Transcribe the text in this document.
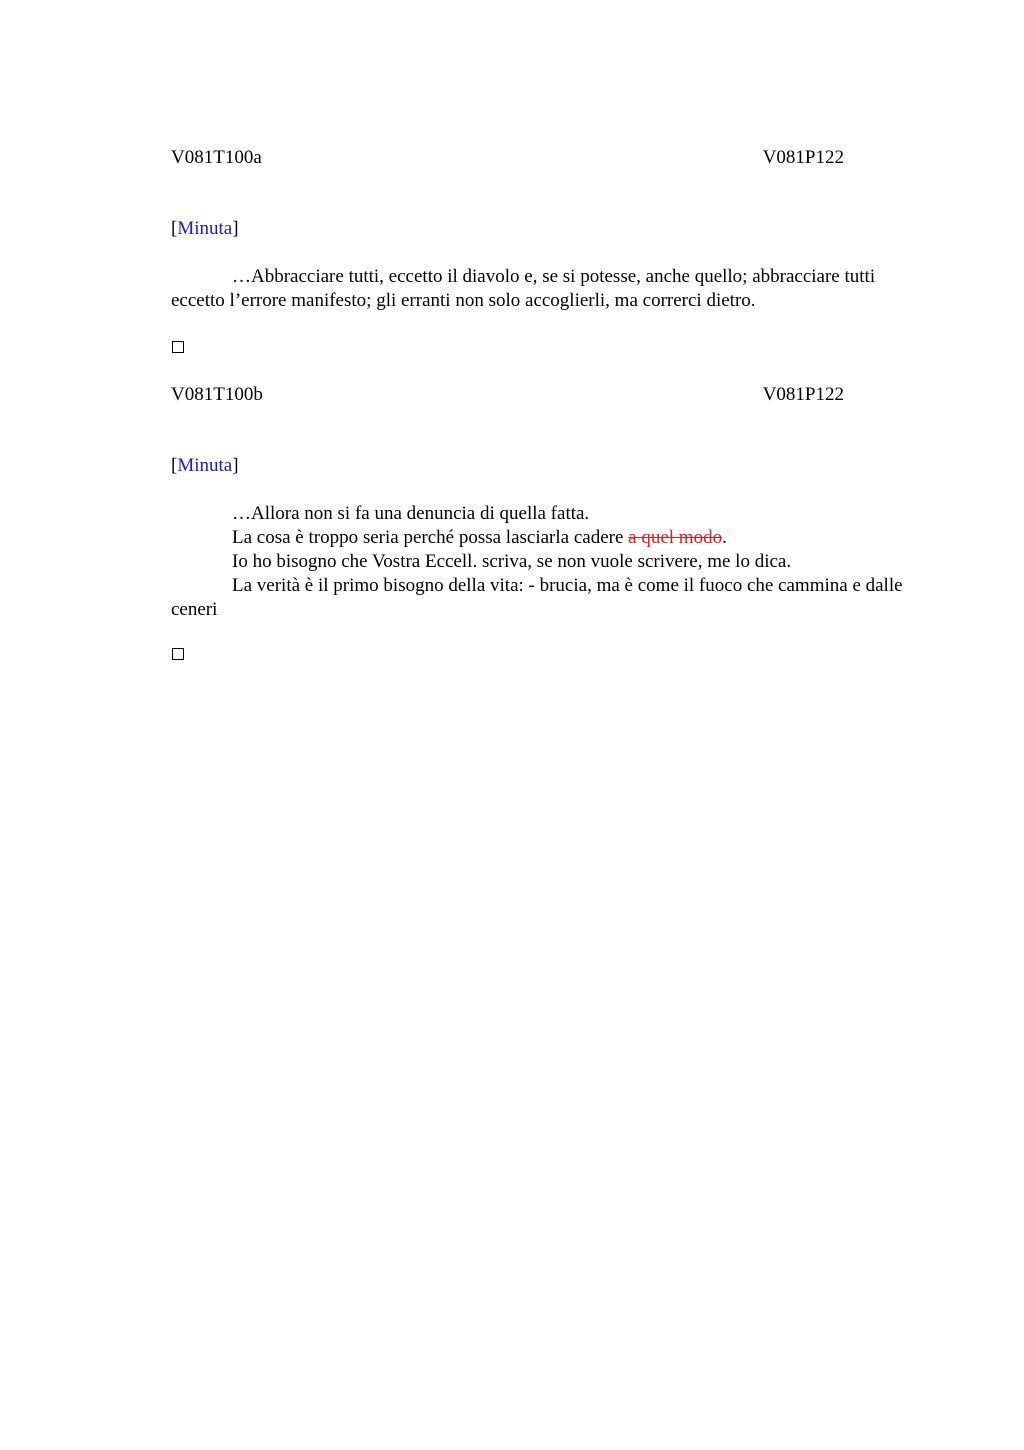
V081T100a	V081P122
[Minuta]

…Abbracciare tutti, eccetto il diavolo e, se si potesse, anche quello; abbracciare tutti eccetto l’errore manifesto; gli erranti non solo accoglierli, ma correrci dietro.

V081T100b	V081P122
[Minuta]

…Allora non si fa una denuncia di quella fatta.

La cosa è troppo seria perché possa lasciarla cadere a quel modo.

Io ho bisogno che Vostra Eccell. scriva, se non vuole scrivere, me lo dica.

La verità è il primo bisogno della vita: - brucia, ma è come il fuoco che cammina e dalle ceneri
